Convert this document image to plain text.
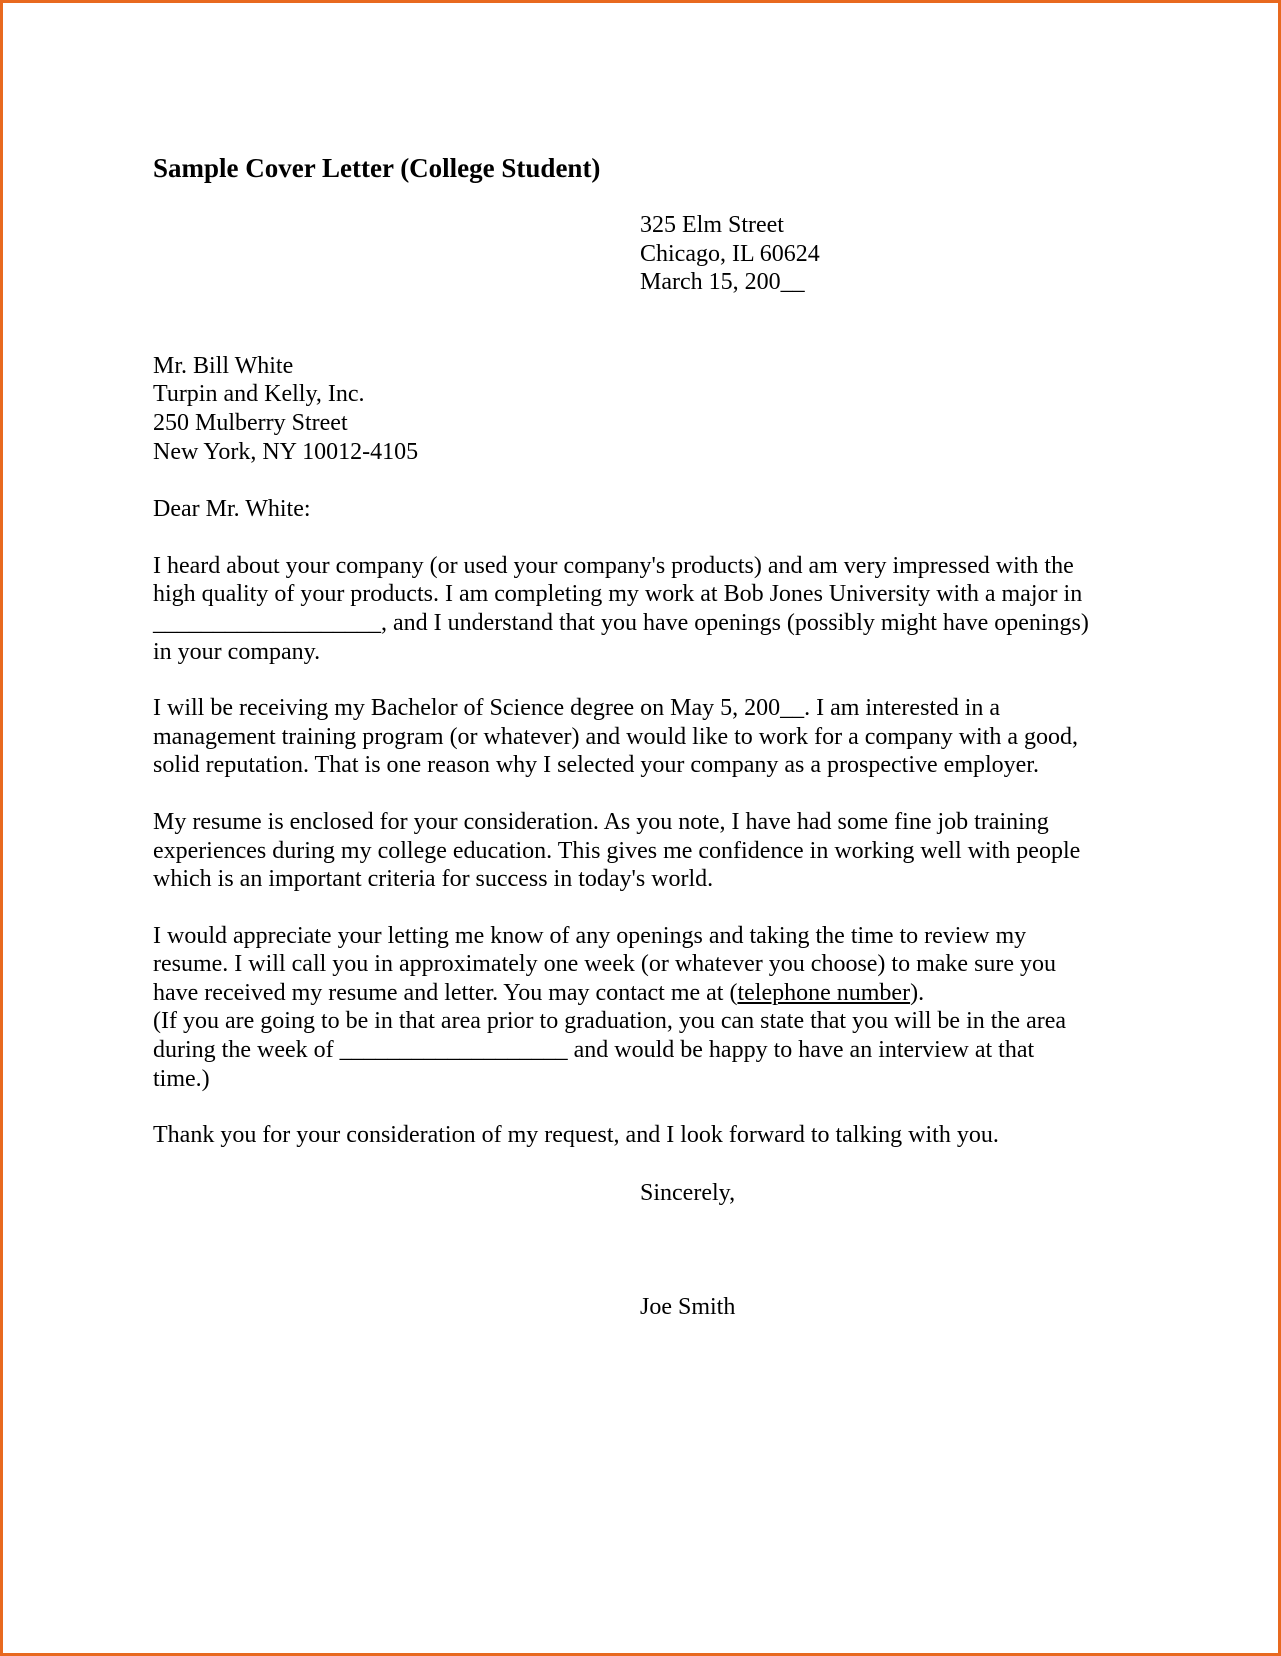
Sample Cover Letter (College Student)
325 Elm Street
Chicago, IL 60624
March 15, 200__
Mr. Bill White
Turpin and Kelly, Inc.
250 Mulberry Street
New York, NY 10012-4105
Dear Mr. White:
I heard about your company (or used your company's products) and am very impressed with the
high quality of your products. I am completing my work at Bob Jones University with a major in
___________________, and I understand that you have openings (possibly might have openings)
in your company.
I will be receiving my Bachelor of Science degree on May 5, 200__. I am interested in a
management training program (or whatever) and would like to work for a company with a good,
solid reputation. That is one reason why I selected your company as a prospective employer.
My resume is enclosed for your consideration. As you note, I have had some fine job training
experiences during my college education. This gives me confidence in working well with people
which is an important criteria for success in today's world.
I would appreciate your letting me know of any openings and taking the time to review my
resume. I will call you in approximately one week (or whatever you choose) to make sure you
have received my resume and letter. You may contact me at (telephone number).
(If you are going to be in that area prior to graduation, you can state that you will be in the area
during the week of ___________________ and would be happy to have an interview at that
time.)
Thank you for your consideration of my request, and I look forward to talking with you.
Sincerely,
Joe Smith
